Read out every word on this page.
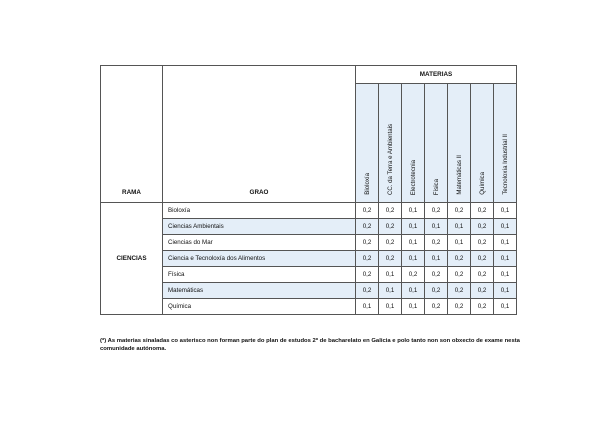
RAMA	GRAO	MATERIAS						
		Bioloxía	CC. da Terra e Ambientais	Electrotecnia	Física	Matemáticas II	Química	Tecnoloxía Industrial II
CIENCIAS	Bioloxía	0,2	0,2	0,1	0,2	0,2	0,2	0,1
	Ciencias Ambientais	0,2	0,2	0,1	0,1	0,1	0,2	0,1
	Ciencias do Mar	0,2	0,2	0,1	0,2	0,1	0,2	0,1
	Ciencia e Tecnoloxía dos Alimentos	0,2	0,2	0,1	0,1	0,2	0,2	0,1
	Física	0,2	0,1	0,2	0,2	0,2	0,2	0,1
	Matemáticas	0,2	0,1	0,1	0,2	0,2	0,2	0,1
	Química	0,1	0,1	0,1	0,2	0,2	0,2	0,1
(*) As materias sinaladas co asterisco non forman parte do plan de estudos 2º de bacharelato en Galicia e polo tanto non son obxecto de exame nesta comunidade autónoma.
